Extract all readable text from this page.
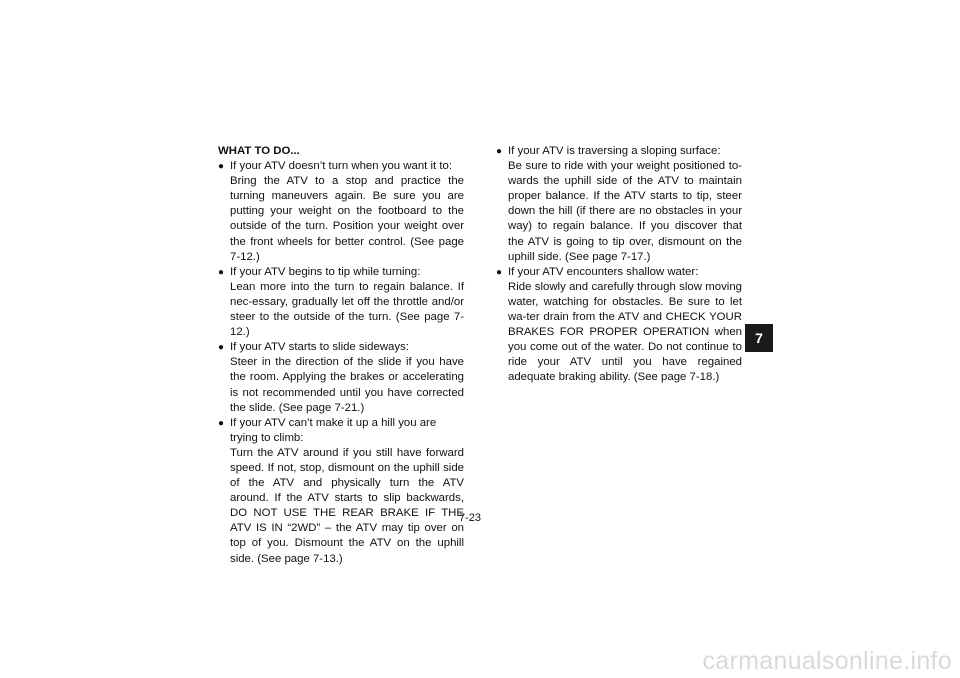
WHAT TO DO...

● If your ATV doesn’t turn when you want it to:
Bring the ATV to a stop and practice the turning maneuvers again. Be sure you are putting your weight on the footboard to the outside of the turn. Position your weight over the front wheels for better control. (See page 7-12.)
● If your ATV begins to tip while turning:
Lean more into the turn to regain balance. If nec-essary, gradually let off the throttle and/or steer to the outside of the turn. (See page 7-12.)
● If your ATV starts to slide sideways:
Steer in the direction of the slide if you have the room. Applying the brakes or accelerating is not recommended until you have corrected the slide. (See page 7-21.)
● If your ATV can’t make it up a hill you are trying to climb:
Turn the ATV around if you still have forward speed. If not, stop, dismount on the uphill side of the ATV and physically turn the ATV around. If the ATV starts to slip backwards, DO NOT USE THE REAR BRAKE IF THE ATV IS IN “2WD” – the ATV may tip over on top of you. Dismount the ATV on the uphill side. (See page 7-13.)
● If your ATV is traversing a sloping surface:
Be sure to ride with your weight positioned to-wards the uphill side of the ATV to maintain proper balance. If the ATV starts to tip, steer down the hill (if there are no obstacles in your way) to regain balance. If you discover that the ATV is going to tip over, dismount on the uphill side. (See page 7-17.)
● If your ATV encounters shallow water:
Ride slowly and carefully through slow moving water, watching for obstacles. Be sure to let wa-ter drain from the ATV and CHECK YOUR BRAKES FOR PROPER OPERATION when you come out of the water. Do not continue to ride your ATV until you have regained adequate braking ability. (See page 7-18.)
7-23
7
carmanualsonline.info
